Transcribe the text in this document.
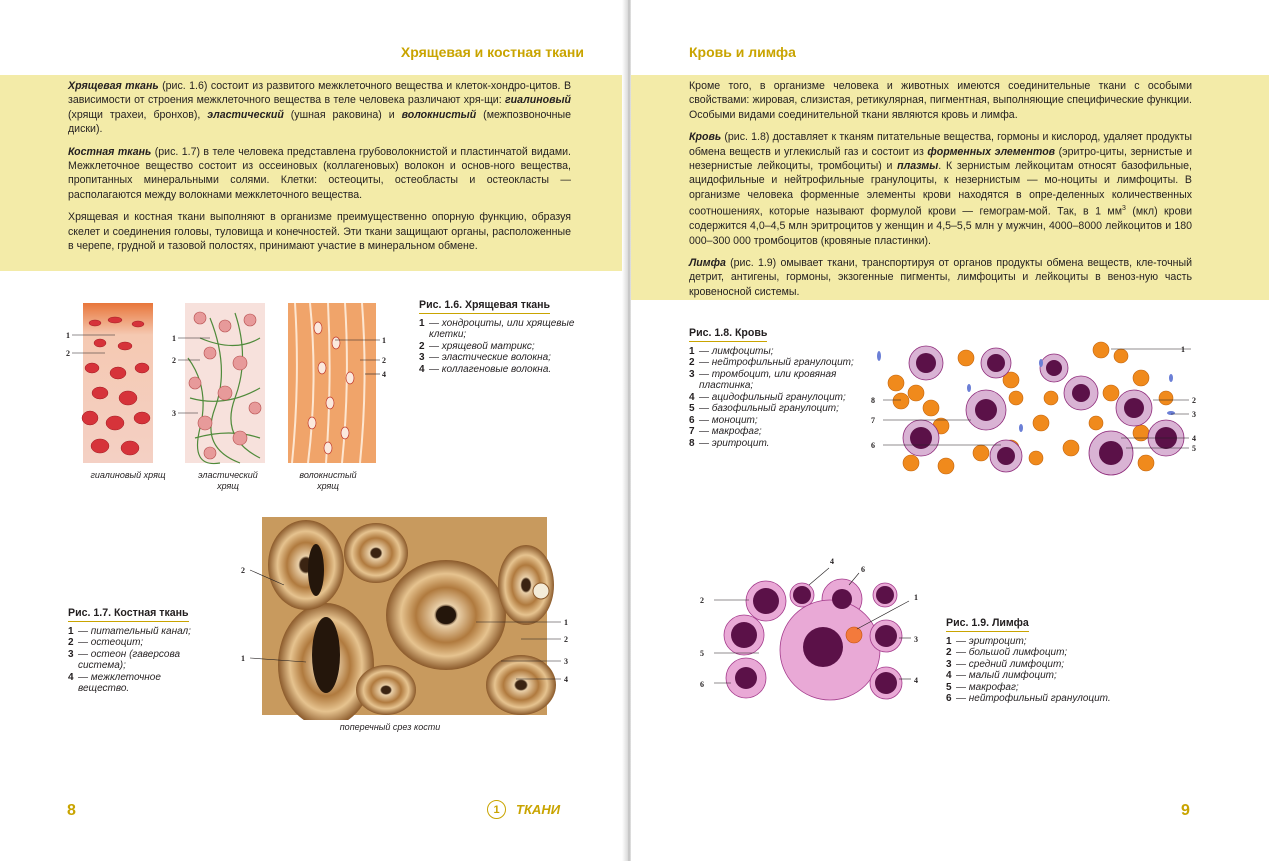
Хрящевая и костная ткани

Хрящевая ткань (рис. 1.6) состоит из развитого межклеточного вещества и клеток-хондро-цитов. В зависимости от строения межклеточного вещества в теле человека различают хря-щи: гиалиновый (хрящи трахеи, бронхов), эластический (ушная раковина) и волокнистый (межпозвоночные диски).

Костная ткань (рис. 1.7) в теле человека представлена грубоволокнистой и пластинчатой видами. Межклеточное вещество состоит из оссеиновых (коллагеновых) волокон и основ-ного вещества, пропитанных минеральными солями. Клетки: остеоциты, остеобласты и остеокласты — располагаются между волокнами межклеточного вещества.

Хрящевая и костная ткани выполняют в организме преимущественно опорную функцию, образуя скелет и соединения головы, туловища и конечностей. Эти ткани защищают органы, расположенные в черепе, грудной и тазовой полостях, принимают участие в минеральном обмене.

1
2
1
2
3
1
2
4
гиалиновый хрящ	эластический хрящ
волокнистый хрящ
Рис. 1.6. Хрящевая ткань
1 — хондроциты, или хрящевые клетки;
2 — хрящевой матрикс;
3 — эластические волокна;
4 — коллагеновые волокна.
2
1
1
2
3
4
поперечный срез кости
Рис. 1.7. Костная ткань
1 — питательный канал;
2 — остеоцит;
3 — остеон (гаверсова система);
4 — межклеточное вещество.
8	1	ТКАНИ
Кровь и лимфа

Кроме того, в организме человека и животных имеются соединительные ткани с особыми свойствами: жировая, слизистая, ретикулярная, пигментная, выполняющие специфические функции. Особыми видами соединительной ткани являются кровь и лимфа.

Кровь (рис. 1.8) доставляет к тканям питательные вещества, гормоны и кислород, удаляет продукты обмена веществ и углекислый газ и состоит из форменных элементов (эритро-циты, зернистые и незернистые лейкоциты, тромбоциты) и плазмы. К зернистым лейкоцитам относят базофильные, ацидофильные и нейтрофильные гранулоциты, к незернистым — мо-ноциты и лимфоциты. В организме человека форменные элементы крови находятся в опре-деленных количественных соотношениях, которые называют формулой крови — гемограм-мой. Так, в 1 $мм^3$ (мкл) крови содержится 4,0–4,5 млн эритроцитов у женщин и 4,5–5,5 млн у мужчин, 4000–8000 лейкоцитов и 180 000–300 000 тромбоцитов (кровяные пластинки).

Лимфа (рис. 1.9) омывает ткани, транспортируя от органов продукты обмена веществ, кле-точный детрит, антигены, гормоны, экзогенные пигменты, лимфоциты и лейкоциты в веноз-ную часть кровеносной системы.

Рис. 1.8. Кровь
1 — лимфоциты;
2 — нейтрофильный гранулоцит;
3 — тромбоцит, или кровяная пластинка;
4 — ацидофильный гранулоцит;
5 — базофильный гранулоцит;
6 — моноцит;
7 — макрофаг;
8 — эритроцит.
1
2
3
4
5
8
7
6
2
5
6
4
6
1
3
4
Рис. 1.9. Лимфа
1 — эритроцит;
2 — большой лимфоцит;
3 — средний лимфоцит;
4 — малый лимфоцит;
5 — макрофаг;
6 — нейтрофильный гранулоцит.
9
